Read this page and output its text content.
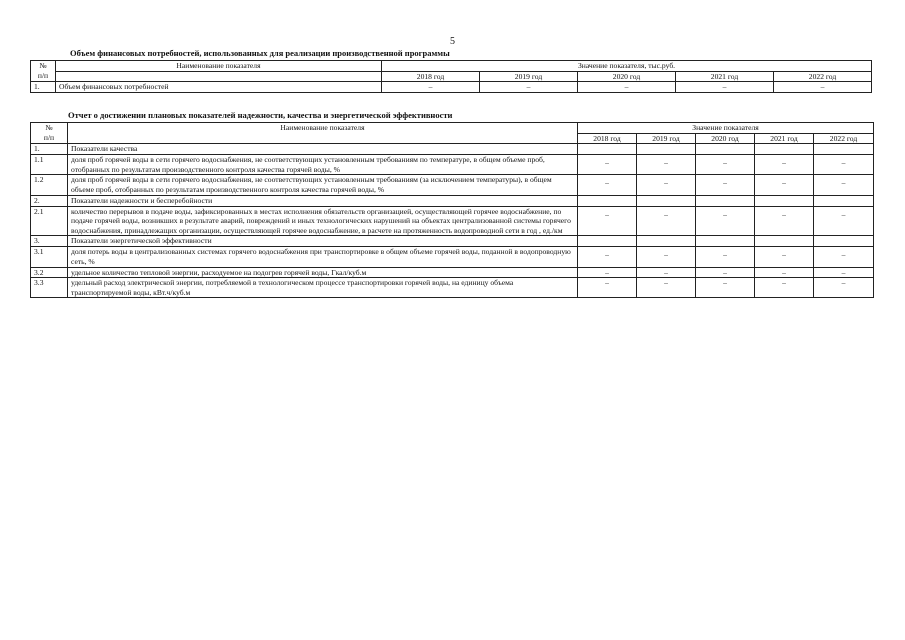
5
Объем финансовых потребностей, использованных для реализации производственной программы
№
п/п	Наименование показателя	Значение показателя, тыс.руб.				
		2018 год	2019 год	2020 год	2021 год	2022 год
1.	Объем финансовых потребностей	–	–	–	–	–
Отчет о достижении плановых показателей надежности, качества и энергетической эффективности
№
п/п	Наименование показателя	Значение показателя				
		2018 год	2019 год	2020 год	2021 год	2022 год
1.	Показатели качества					
1.1	доля проб горячей воды в сети горячего водоснабжения, не соответствующих установленным требованиям по температуре, в общем объеме проб, отобранных по результатам производственного контроля качества горячей воды, %	–	–	–	–	–
1.2	доля проб горячей воды в сети горячего водоснабжения, не соответствующих установленным требованиям (за исключением температуры), в общем объеме проб, отобранных по результатам производственного контроля качества горячей воды, %	–	–	–	–	–
2.	Показатели надежности и бесперебойности					
2.1	количество перерывов в подаче воды, зафиксированных в местах исполнения обязательств организацией, осуществляющей горячее водоснабжение, по подаче горячей воды, возникших в результате аварий, повреждений и иных технологических нарушений на объектах централизованной системы горячего водоснабжения, принадлежащих организации, осуществляющей горячее водоснабжение, в расчете на протяженность водопроводной сети в год , ед./км	–	–	–	–	–
3.	Показатели энергетической эффективности					
3.1	доля потерь воды в централизованных системах горячего водоснабжения при транспортировке в общем объеме горячей воды, поданной в водопроводную сеть, %	–	–	–	–	–
3.2	удельное количество тепловой энергии, расходуемое на подогрев горячей воды, Гкал/куб.м	–	–	–	–	–
3.3	удельный расход электрической энергии, потребляемой в технологическом процессе транспортировки горячей воды, на единицу объема транспортируемой воды, кВт.ч/куб.м	–	–	–	–	–
